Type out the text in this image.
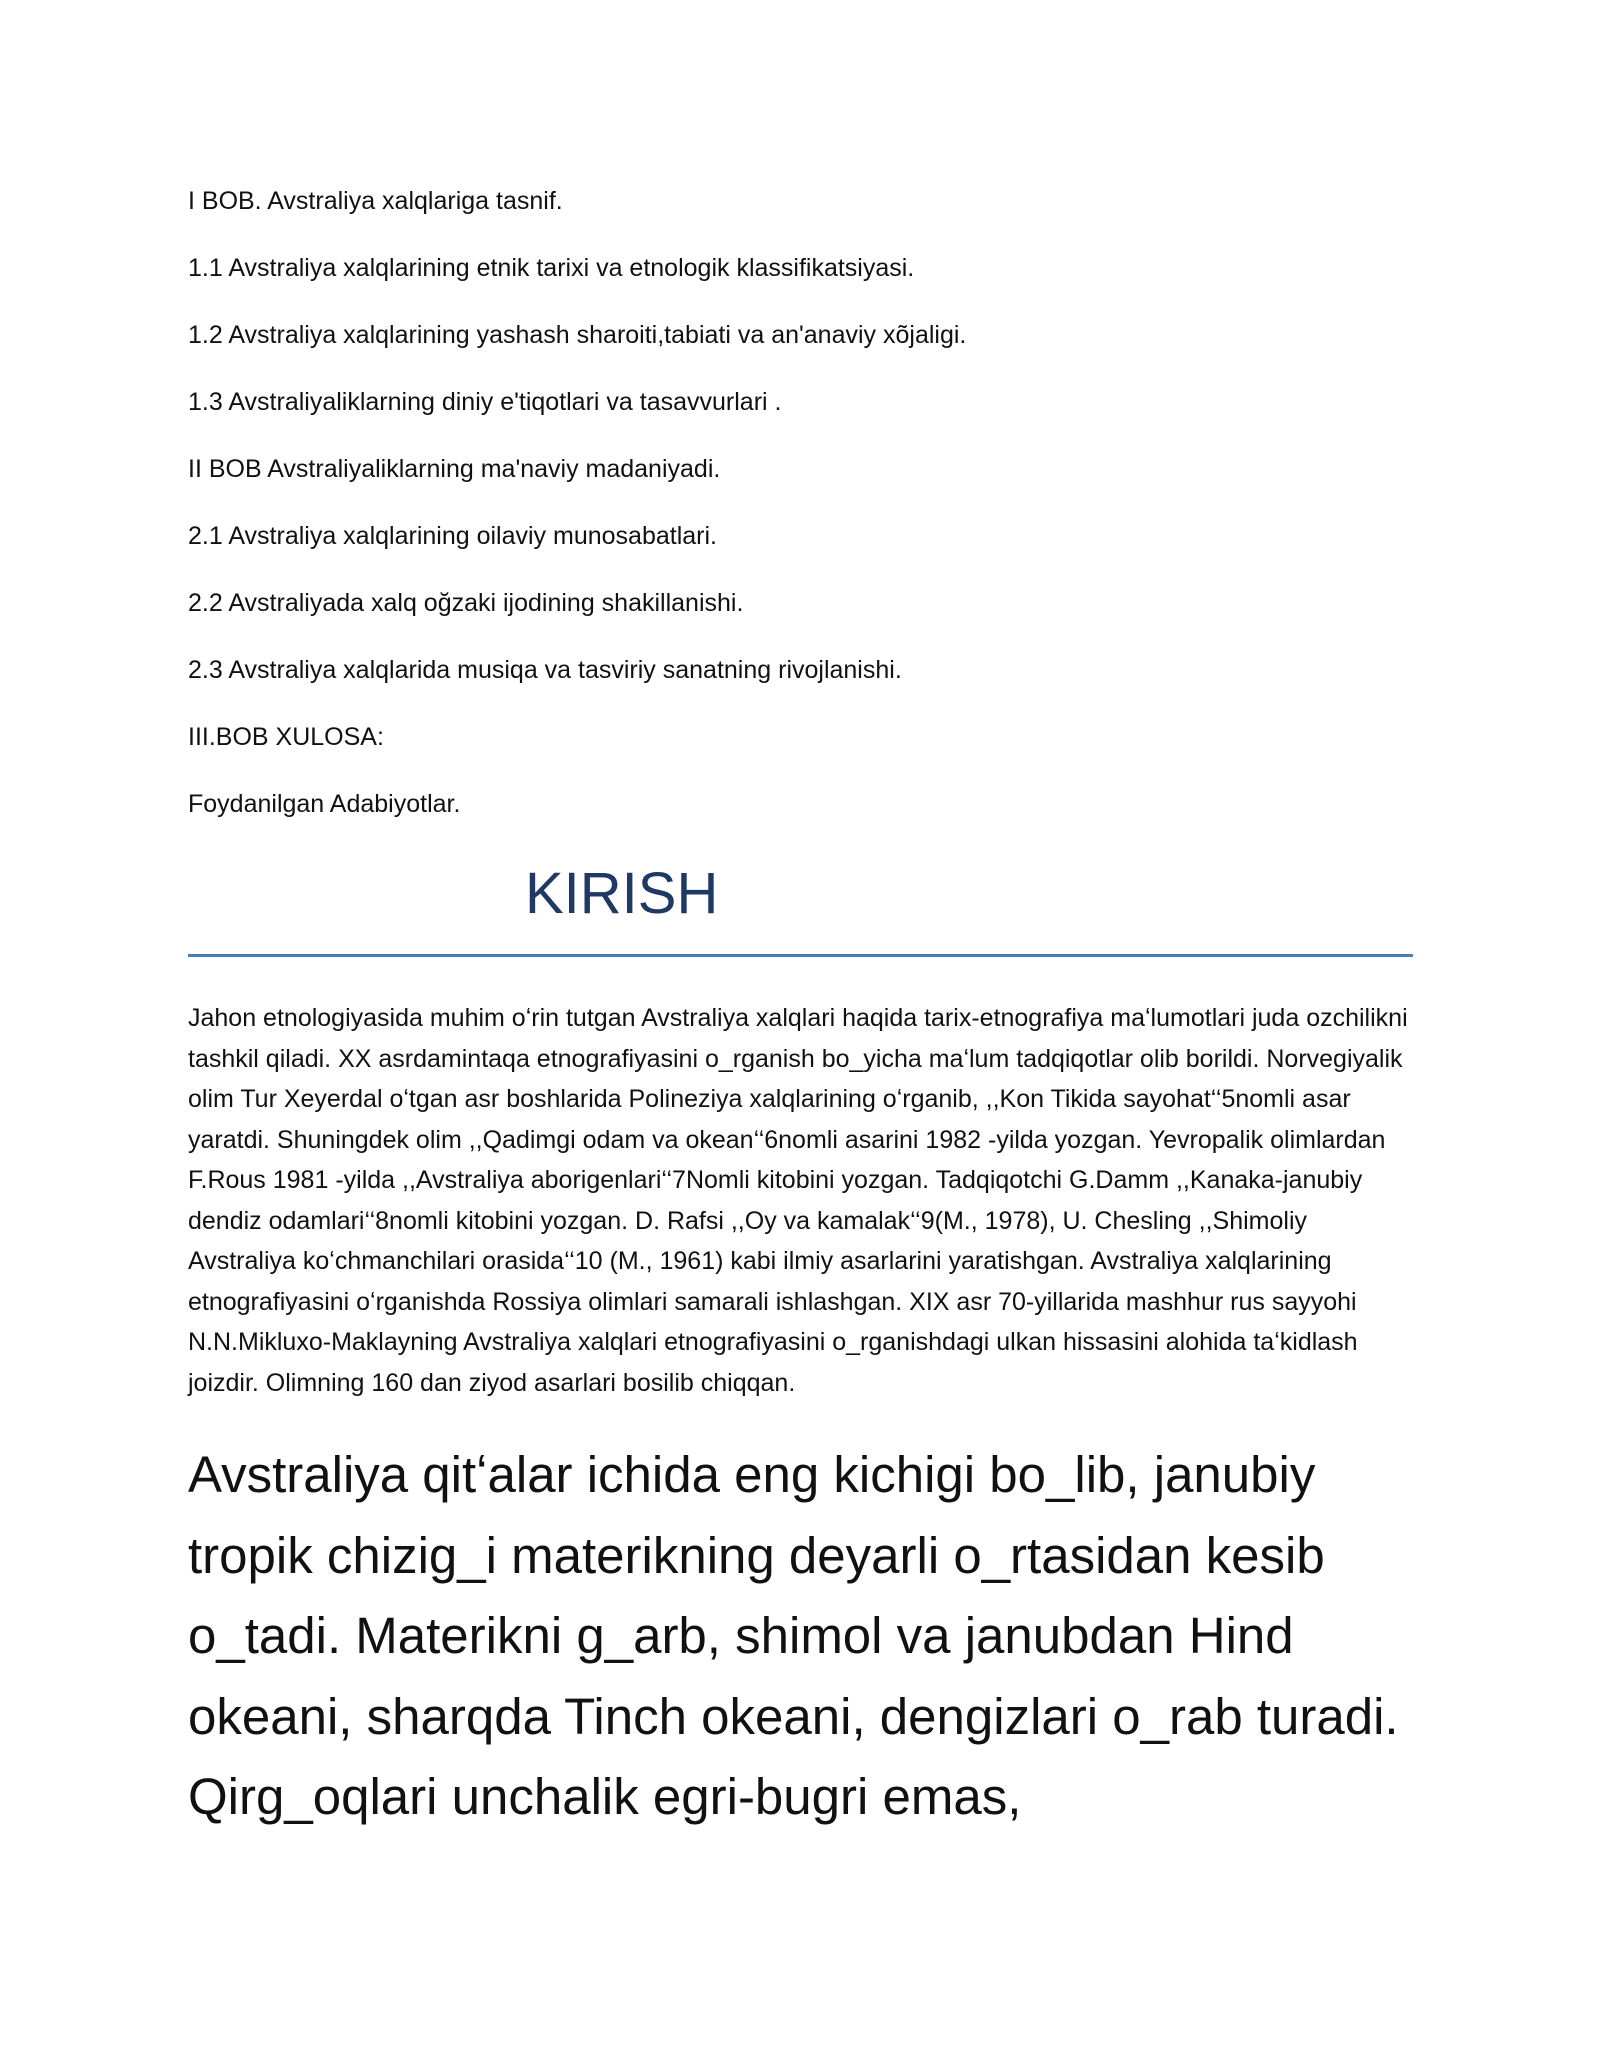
I BOB. Avstraliya xalqlariga tasnif.
1.1 Avstraliya xalqlarining etnik tarixi va etnologik klassifikatsiyasi.
1.2 Avstraliya xalqlarining yashash sharoiti,tabiati va an'anaviy xõjaligi.
1.3 Avstraliyaliklarning diniy e'tiqotlari va tasavvurlari .
II BOB Avstraliyaliklarning ma'naviy madaniyadi.
2.1 Avstraliya xalqlarining oilaviy munosabatlari.
2.2 Avstraliyada xalq oğzaki ijodining shakillanishi.
2.3 Avstraliya xalqlarida musiqa va tasviriy sanatning rivojlanishi.
III.BOB XULOSA:
Foydanilgan Adabiyotlar.
KIRISH

Jahon etnologiyasida muhim oʻrin tutgan Avstraliya xalqlari haqida tarix-etnografiya maʻlumotlari juda ozchilikni tashkil qiladi. XX asrdamintaqa etnografiyasini o_rganish bo_yicha maʻlum tadqiqotlar olib borildi. Norvegiyalik olim Tur Xeyerdal oʻtgan asr boshlarida Polineziya xalqlarining oʻrganib, ,,Kon Tikida sayohat‘‘5nomli asar yaratdi. Shuningdek olim ,,Qadimgi odam va okean‘‘6nomli asarini 1982 -yilda yozgan. Yevropalik olimlardan F.Rous 1981 -yilda ,,Avstraliya aborigenlari‘‘7Nomli kitobini yozgan. Tadqiqotchi G.Damm ,,Kanaka-janubiy dendiz odamlari‘‘8nomli kitobini yozgan. D. Rafsi ,,Oy va kamalak‘‘9(M., 1978), U. Chesling ,,Shimoliy Avstraliya koʻchmanchilari orasida‘‘10 (M., 1961) kabi ilmiy asarlarini yaratishgan. Avstraliya xalqlarining etnografiyasini oʻrganishda Rossiya olimlari samarali ishlashgan. XIX asr 70-yillarida mashhur rus sayyohi N.N.Mikluxo-Maklayning Avstraliya xalqlari etnografiyasini o_rganishdagi ulkan hissasini alohida taʻkidlash joizdir. Olimning 160 dan ziyod asarlari bosilib chiqqan.

Avstraliya qitʻalar ichida eng kichigi bo_lib, janubiy tropik chizig_i materikning deyarli o_rtasidan kesib o_tadi. Materikni g_arb, shimol va janubdan Hind okeani, sharqda Tinch okeani, dengizlari o_rab turadi. Qirg_oqlari unchalik egri-bugri emas,
